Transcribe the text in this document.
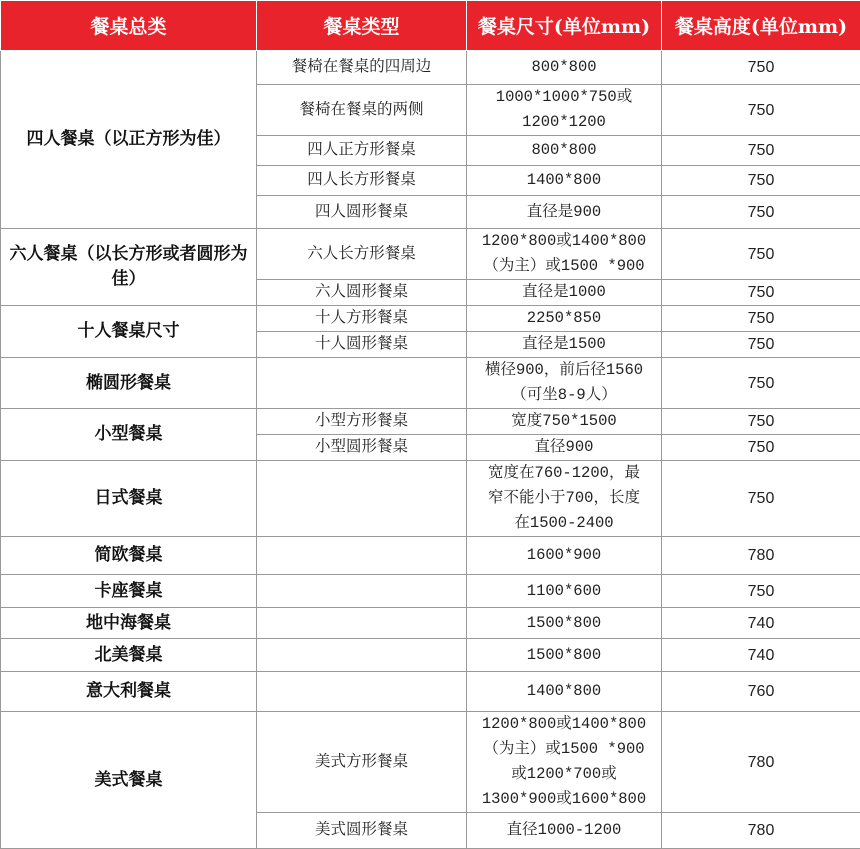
餐桌总类	餐桌类型	餐桌尺寸(单位mm)	餐桌高度(单位mm)
四人餐桌（以正方形为佳）	餐椅在餐桌的四周边	800*800	750
	餐椅在餐桌的两侧	1000*1000*750或
1200*1200	750
	四人正方形餐桌	800*800	750
	四人长方形餐桌	1400*800	750
	四人圆形餐桌	直径是900	750
六人餐桌（以长方形或者圆形为佳）	六人长方形餐桌	1200*800或1400*800
（为主）或1500 *900	750
	六人圆形餐桌	直径是1000	750
十人餐桌尺寸	十人方形餐桌	2250*850	750
	十人圆形餐桌	直径是1500	750
椭圆形餐桌		横径900，前后径1560
（可坐8-9人）	750
小型餐桌	小型方形餐桌	宽度750*1500	750
	小型圆形餐桌	直径900	750
日式餐桌		宽度在760-1200，最
窄不能小于700，长度
在1500-2400	750
简欧餐桌		1600*900	780
卡座餐桌		1100*600	750
地中海餐桌		1500*800	740
北美餐桌		1500*800	740
意大利餐桌		1400*800	760
美式餐桌	美式方形餐桌	1200*800或1400*800
（为主）或1500 *900
或1200*700或
1300*900或1600*800	780
	美式圆形餐桌	直径1000-1200	780
